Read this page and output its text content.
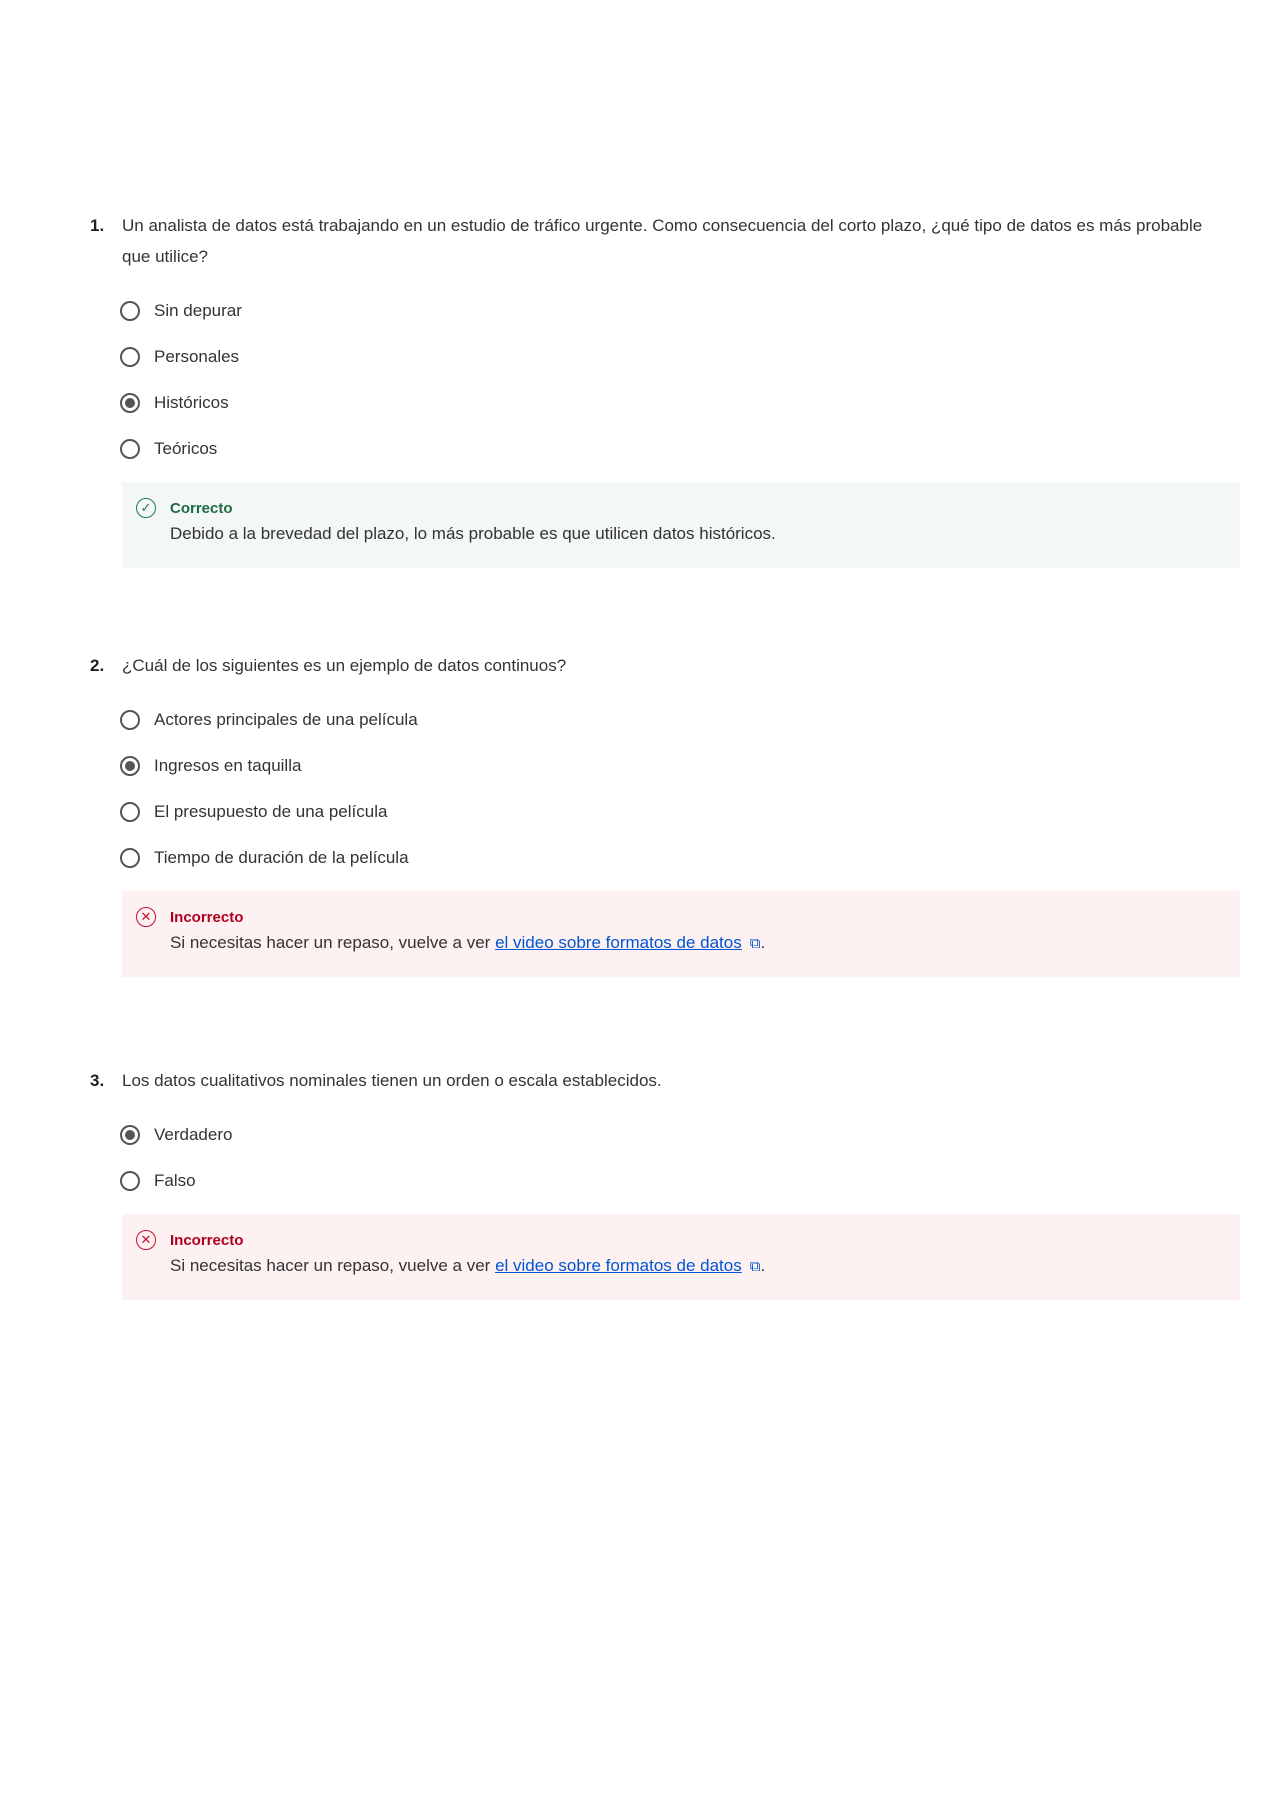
1.	Un analista de datos está trabajando en un estudio de tráfico urgente. Como consecuencia del corto plazo, ¿qué tipo de datos es más probable que utilice?
Sin depurar
Personales
Históricos
Teóricos
✓	Correcto
Debido a la brevedad del plazo, lo más probable es que utilicen datos históricos.
2.	¿Cuál de los siguientes es un ejemplo de datos continuos?
Actores principales de una película
Ingresos en taquilla
El presupuesto de una película
Tiempo de duración de la película
✕	Incorrecto
Si necesitas hacer un repaso, vuelve a ver el video sobre formatos de datos ⧉.
3.	Los datos cualitativos nominales tienen un orden o escala establecidos.
Verdadero
Falso
✕	Incorrecto
Si necesitas hacer un repaso, vuelve a ver el video sobre formatos de datos ⧉.
